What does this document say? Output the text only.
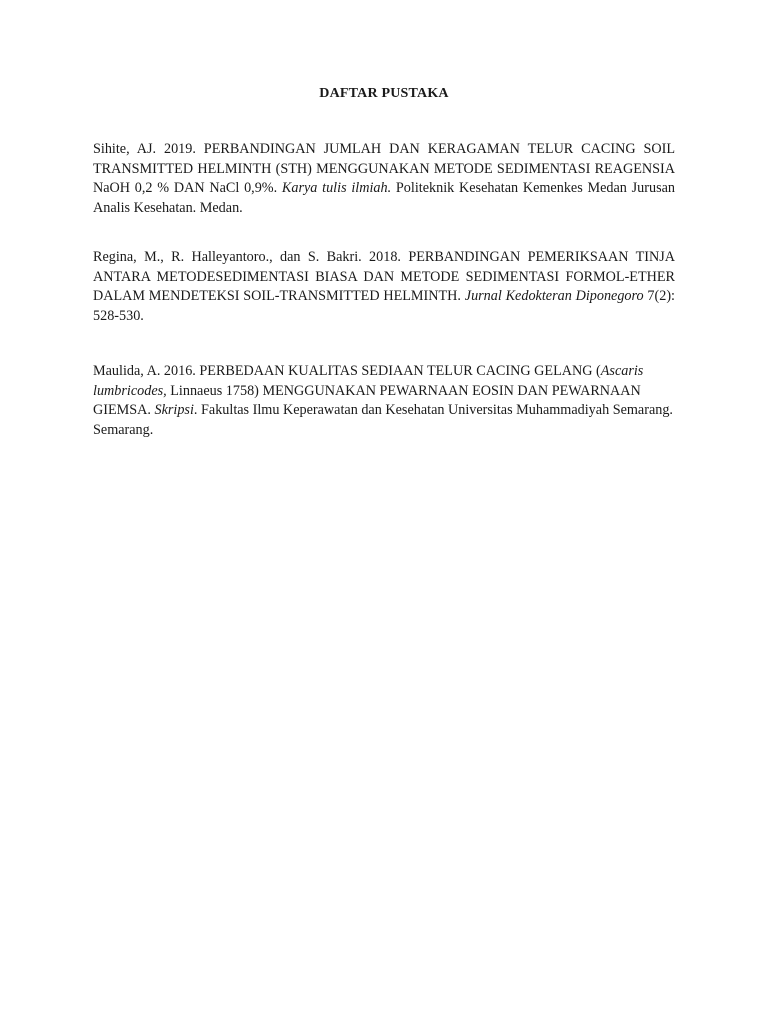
DAFTAR PUSTAKA

Sihite, AJ. 2019. PERBANDINGAN JUMLAH DAN KERAGAMAN TELUR CACING SOIL TRANSMITTED HELMINTH (STH) MENGGUNAKAN METODE SEDIMENTASI REAGENSIA NaOH 0,2 % DAN NaCl 0,9%. Karya tulis ilmiah. Politeknik Kesehatan Kemenkes Medan Jurusan Analis Kesehatan. Medan.

Regina, M., R. Halleyantoro., dan S. Bakri. 2018. PERBANDINGAN PEMERIKSAAN TINJA ANTARA METODESEDIMENTASI BIASA DAN METODE SEDIMENTASI FORMOL-ETHER DALAM MENDETEKSI SOIL-TRANSMITTED HELMINTH. Jurnal Kedokteran Diponegoro 7(2): 528-530.

Maulida, A. 2016. PERBEDAAN KUALITAS SEDIAAN TELUR CACING GELANG (Ascaris lumbricodes, Linnaeus 1758) MENGGUNAKAN PEWARNAAN EOSIN DAN PEWARNAAN GIEMSA. Skripsi. Fakultas Ilmu Keperawatan dan Kesehatan Universitas Muhammadiyah Semarang. Semarang.
